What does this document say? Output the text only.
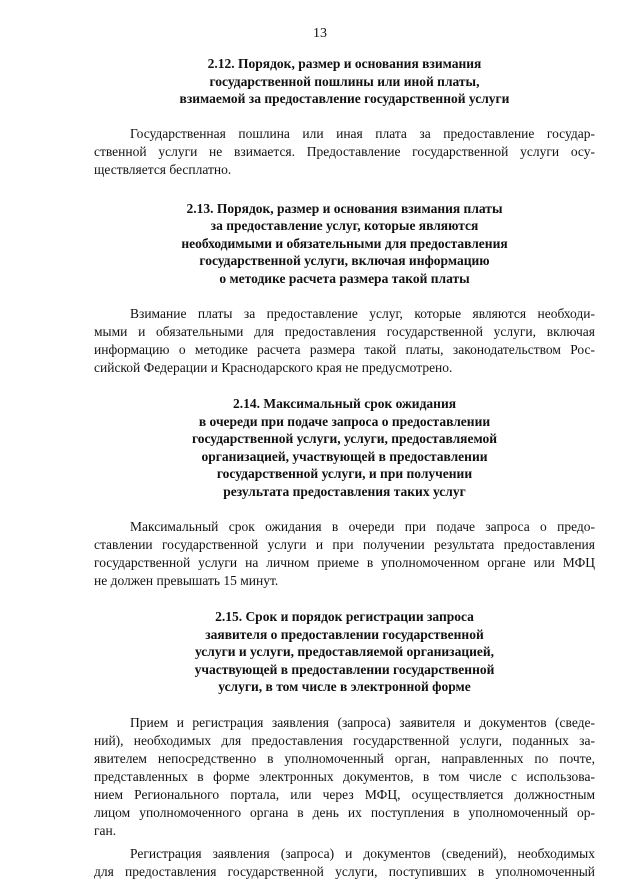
13
2.12. Порядок, размер и основания взимания
государственной пошлины или иной платы,
взимаемой за предоставление государственной услуги
Государственная пошлина или иная плата за предоставление государ-
ственной услуги не взимается. Предоставление государственной услуги осу-
ществляется бесплатно.
2.13. Порядок, размер и основания взимания платы
за предоставление услуг, которые являются
необходимыми и обязательными для предоставления
государственной услуги, включая информацию
о методике расчета размера такой платы
Взимание платы за предоставление услуг, которые являются необходи-
мыми и обязательными для предоставления государственной услуги, включая
информацию о методике расчета размера такой платы, законодательством Рос-
сийской Федерации и Краснодарского края не предусмотрено.
2.14. Максимальный срок ожидания
в очереди при подаче запроса о предоставлении
государственной услуги, услуги, предоставляемой
организацией, участвующей в предоставлении
государственной услуги, и при получении
результата предоставления таких услуг
Максимальный срок ожидания в очереди при подаче запроса о предо-
ставлении государственной услуги и при получении результата предоставления
государственной услуги на личном приеме в уполномоченном органе или МФЦ
не должен превышать 15 минут.
2.15. Срок и порядок регистрации запроса
заявителя о предоставлении государственной
услуги и услуги, предоставляемой организацией,
участвующей в предоставлении государственной
услуги, в том числе в электронной форме
Прием и регистрация заявления (запроса) заявителя и документов (сведе-
ний), необходимых для предоставления государственной услуги, поданных за-
явителем непосредственно в уполномоченный орган, направленных по почте,
представленных в форме электронных документов, в том числе с использова-
нием Регионального портала, или через МФЦ, осуществляется должностным
лицом уполномоченного органа в день их поступления в уполномоченный ор-
ган.
Регистрация заявления (запроса) и документов (сведений), необходимых
для предоставления государственной услуги, поступивших в уполномоченный
